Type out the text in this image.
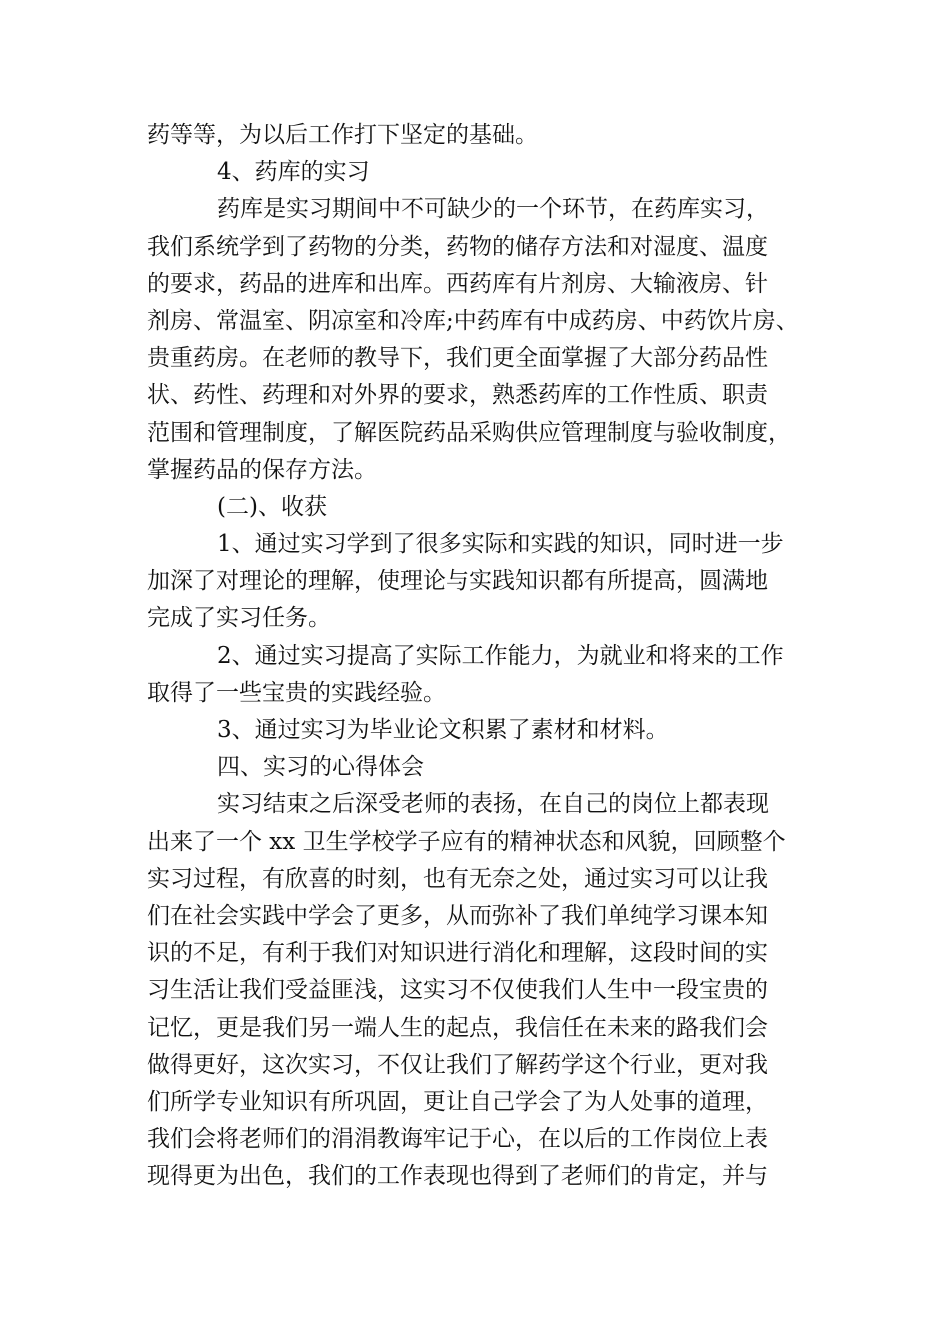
药等等，为以后工作打下坚定的基础。
4、药库的实习
药库是实习期间中不可缺少的一个环节，在药库实习，
我们系统学到了药物的分类，药物的储存方法和对湿度、温度
的要求，药品的进库和出库。西药库有片剂房、大输液房、针
剂房、常温室、阴凉室和冷库;中药库有中成药房、中药饮片房、
贵重药房。在老师的教导下，我们更全面掌握了大部分药品性
状、药性、药理和对外界的要求，熟悉药库的工作性质、职责
范围和管理制度，了解医院药品采购供应管理制度与验收制度，
掌握药品的保存方法。
(二)、收获
1、通过实习学到了很多实际和实践的知识，同时进一步
加深了对理论的理解，使理论与实践知识都有所提高，圆满地
完成了实习任务。
2、通过实习提高了实际工作能力，为就业和将来的工作
取得了一些宝贵的实践经验。
3、通过实习为毕业论文积累了素材和材料。
四、实习的心得体会
实习结束之后深受老师的表扬，在自己的岗位上都表现
出来了一个 xx 卫生学校学子应有的精神状态和风貌，回顾整个
实习过程，有欣喜的时刻，也有无奈之处，通过实习可以让我
们在社会实践中学会了更多，从而弥补了我们单纯学习课本知
识的不足，有利于我们对知识进行消化和理解，这段时间的实
习生活让我们受益匪浅，这实习不仅使我们人生中一段宝贵的
记忆，更是我们另一端人生的起点，我信任在未来的路我们会
做得更好，这次实习，不仅让我们了解药学这个行业，更对我
们所学专业知识有所巩固，更让自己学会了为人处事的道理，
我们会将老师们的涓涓教诲牢记于心，在以后的工作岗位上表
现得更为出色，我们的工作表现也得到了老师们的肯定，并与
